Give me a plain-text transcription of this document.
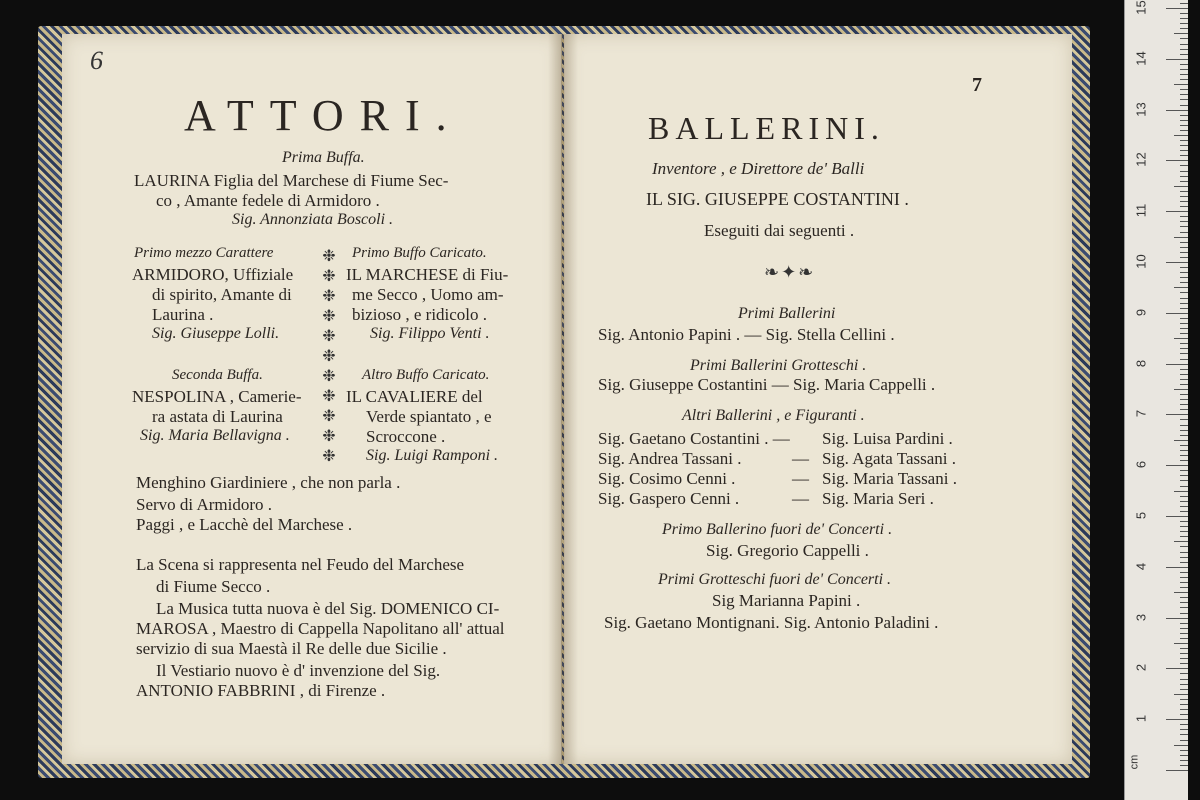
6
ATTORI.
Prima Buffa.
LAURINA Figlia del Marchese di Fiume Sec-
co , Amante fedele di Armidoro .
Sig. Annonziata Boscoli .
Primo mezzo Carattere
ARMIDORO, Uffiziale
di spirito, Amante di
Laurina .
Sig. Giuseppe Lolli.
Primo Buffo Caricato.
IL MARCHESE di Fiu-
me Secco , Uomo am-
bizioso , e ridicolo .
Sig. Filippo Venti .
❉
❉
❉
❉
❉
❉
❉
❉
❉
❉
❉
Seconda Buffa.
NESPOLINA , Camerie-
ra astata di Laurina
Sig. Maria Bellavigna .
Altro Buffo Caricato.
IL CAVALIERE del
Verde spiantato , e
Scroccone .
Sig. Luigi Ramponi .
Menghino Giardiniere , che non parla .
Servo di Armidoro .
Paggi , e Lacchè del Marchese .
La Scena si rappresenta nel Feudo del Marchese
di Fiume Secco .
La Musica tutta nuova è del Sig. DOMENICO CI-
MAROSA , Maestro di Cappella Napolitano all' attual
servizio di sua Maestà il Re delle due Sicilie .
Il Vestiario nuovo è d' invenzione del Sig.
ANTONIO FABBRINI , di Firenze .
7
BALLERINI.
Inventore , e Direttore de' Balli
IL SIG. GIUSEPPE COSTANTINI .
Eseguiti dai seguenti .
❧✦❧
Primi Ballerini
Sig. Antonio Papini . — Sig. Stella Cellini .
Primi Ballerini Grotteschi .
Sig. Giuseppe Costantini — Sig. Maria Cappelli .
Altri Ballerini , e Figuranti .
Sig. Gaetano Costantini . — Sig. Luisa Pardini .
Sig. Andrea Tassani .	— Sig. Agata Tassani .
Sig. Cosimo Cenni .	— Sig. Maria Tassani .
Sig. Gaspero Cenni .	— Sig. Maria Seri .
Primo Ballerino fuori de' Concerti .
Sig. Gregorio Cappelli .
Primi Grotteschi fuori de' Concerti .
Sig Marianna Papini .
Sig. Gaetano Montignani. Sig. Antonio Paladini .
1
2
3
4
5
6
7
8
9
10
11
12
13
14
15
cm
